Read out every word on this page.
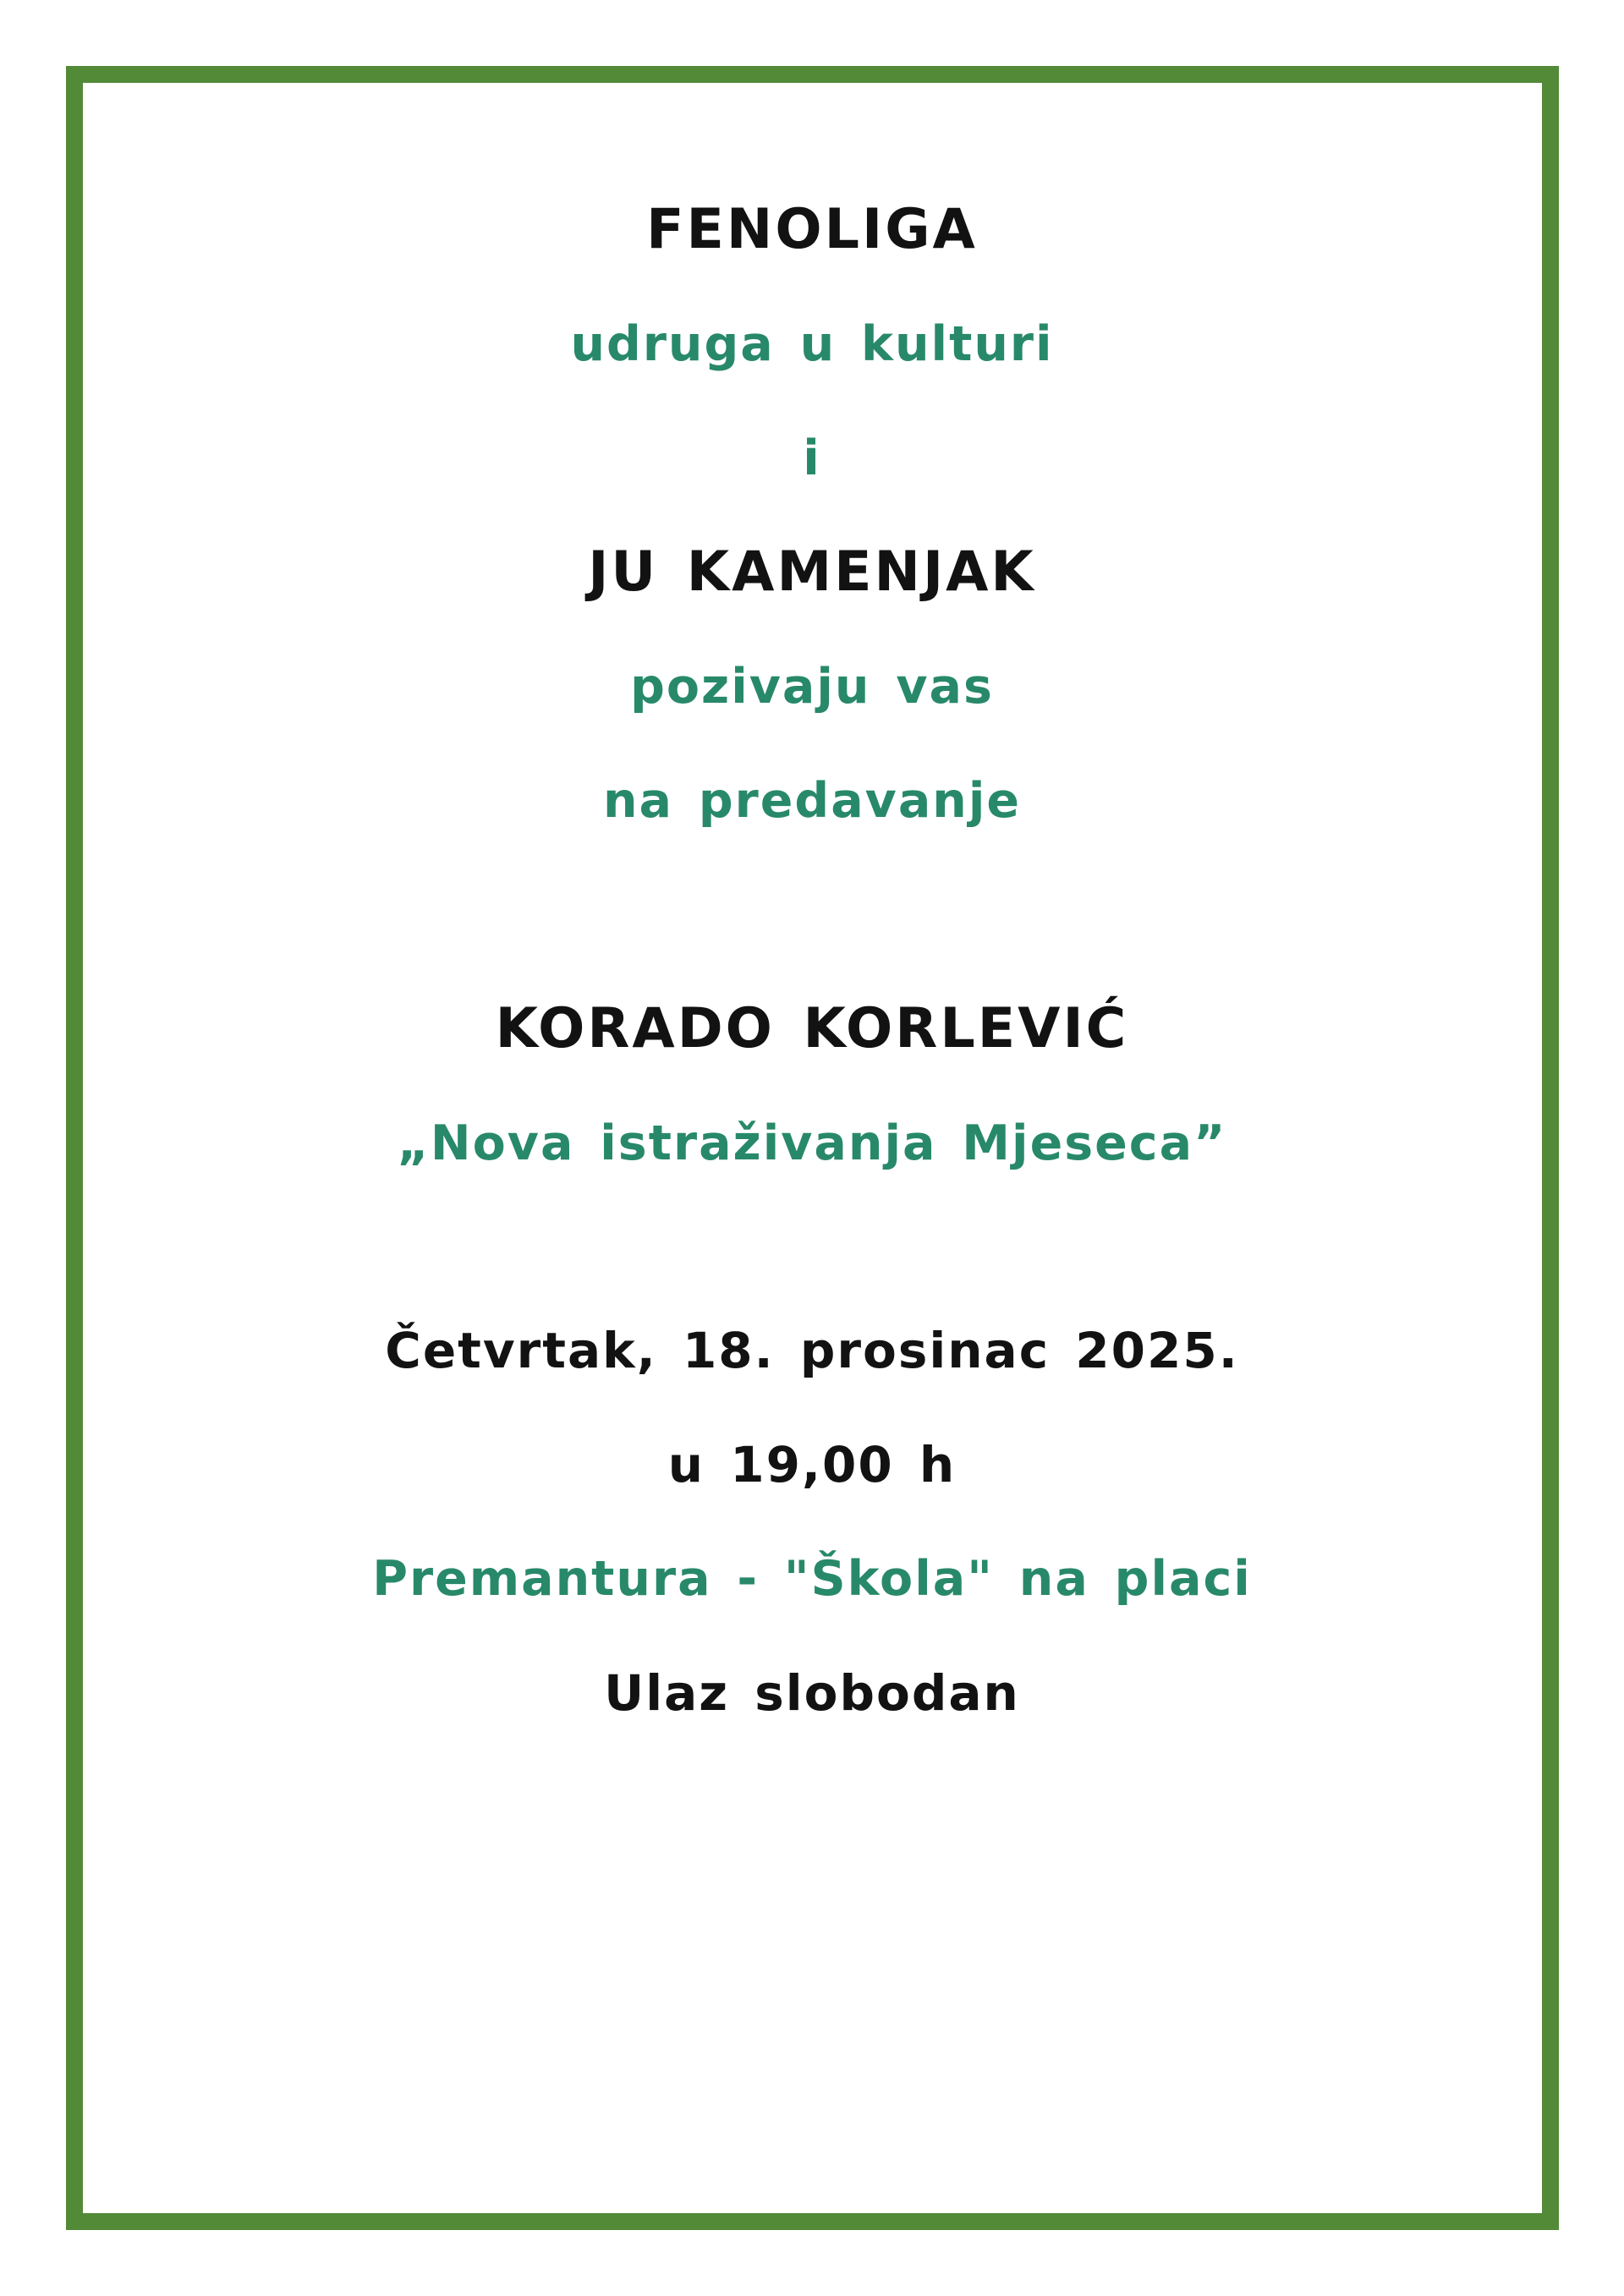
FENOLIGA

udruga u kulturi

i

JU KAMENJAK

pozivaju vas

na predavanje

KORADO KORLEVIĆ

„Nova istraživanja Mjeseca”

Četvrtak, 18. prosinac 2025.

u 19,00 h

Premantura - "Škola" na placi

Ulaz slobodan
